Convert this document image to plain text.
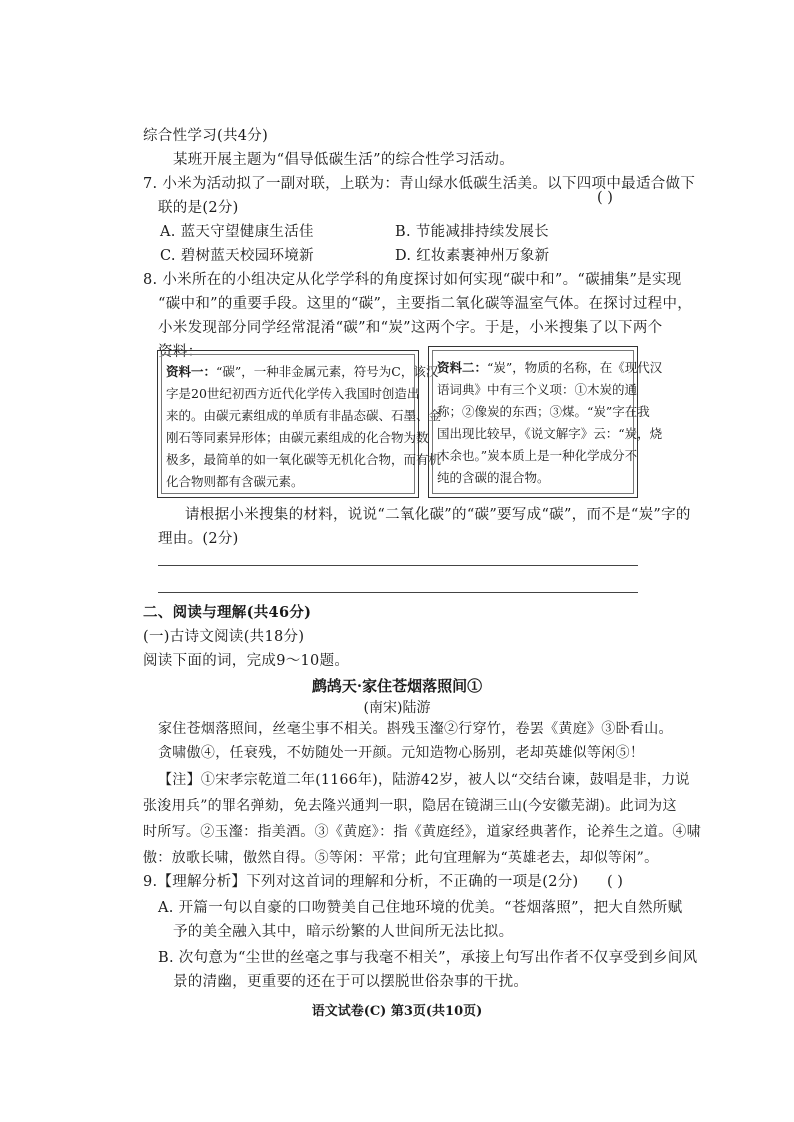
综合性学习(共4分)
某班开展主题为“倡导低碳生活”的综合性学习活动。
7. 小米为活动拟了一副对联，上联为：青山绿水低碳生活美。以下四项中最适合做下
( )
联的是(2分)
A. 蓝天守望健康生活佳	B. 节能减排持续发展长
C. 碧树蓝天校园环境新	D. 红妆素裹神州万象新
8. 小米所在的小组决定从化学学科的角度探讨如何实现“碳中和”。“碳捕集”是实现
“碳中和”的重要手段。这里的“碳”，主要指二氧化碳等温室气体。在探讨过程中，
小米发现部分同学经常混淆“碳”和“炭”这两个字。于是，小米搜集了以下两个
资料：
资料一：“碳”，一种非金属元素，符号为C，该汉
字是20世纪初西方近代化学传入我国时创造出
来的。由碳元素组成的单质有非晶态碳、石墨、金
刚石等同素异形体；由碳元素组成的化合物为数
极多，最简单的如一氧化碳等无机化合物，而有机
化合物则都有含碳元素。
资料二：“炭”，物质的名称，在《现代汉
语词典》中有三个义项：①木炭的通
称；②像炭的东西；③煤。“炭”字在我
国出现比较早，《说文解字》云：“炭，烧
木余也。”炭本质上是一种化学成分不
纯的含碳的混合物。
请根据小米搜集的材料，说说“二氧化碳”的“碳”要写成“碳”，而不是“炭”字的
理由。(2分)
二、阅读与理解(共46分)
(一)古诗文阅读(共18分)
阅读下面的词，完成9～10题。
鹧鸪天·家住苍烟落照间①
(南宋)陆游
家住苍烟落照间，丝毫尘事不相关。斟残玉瀣②行穿竹，卷罢《黄庭》③卧看山。
贪啸傲④，任衰残，不妨随处一开颜。元知造物心肠别，老却英雄似等闲⑤！
【注】①宋孝宗乾道二年(1166年)，陆游42岁，被人以“交结台谏，鼓唱是非，力说
张浚用兵”的罪名弹劾，免去隆兴通判一职，隐居在镜湖三山(今安徽芜湖)。此词为这
时所写。②玉瀣：指美酒。③《黄庭》：指《黄庭经》，道家经典著作，论养生之道。④啸
傲：放歌长啸，傲然自得。⑤等闲：平常；此句宜理解为“英雄老去，却似等闲”。
9.【理解分析】下列对这首词的理解和分析，不正确的一项是(2分) ( )
A. 开篇一句以自豪的口吻赞美自己住地环境的优美。“苍烟落照”，把大自然所赋
予的美全融入其中，暗示纷繁的人世间所无法比拟。
B. 次句意为“尘世的丝毫之事与我毫不相关”，承接上句写出作者不仅享受到乡间风
景的清幽，更重要的还在于可以摆脱世俗杂事的干扰。
语文试卷(C) 第3页(共10页)
